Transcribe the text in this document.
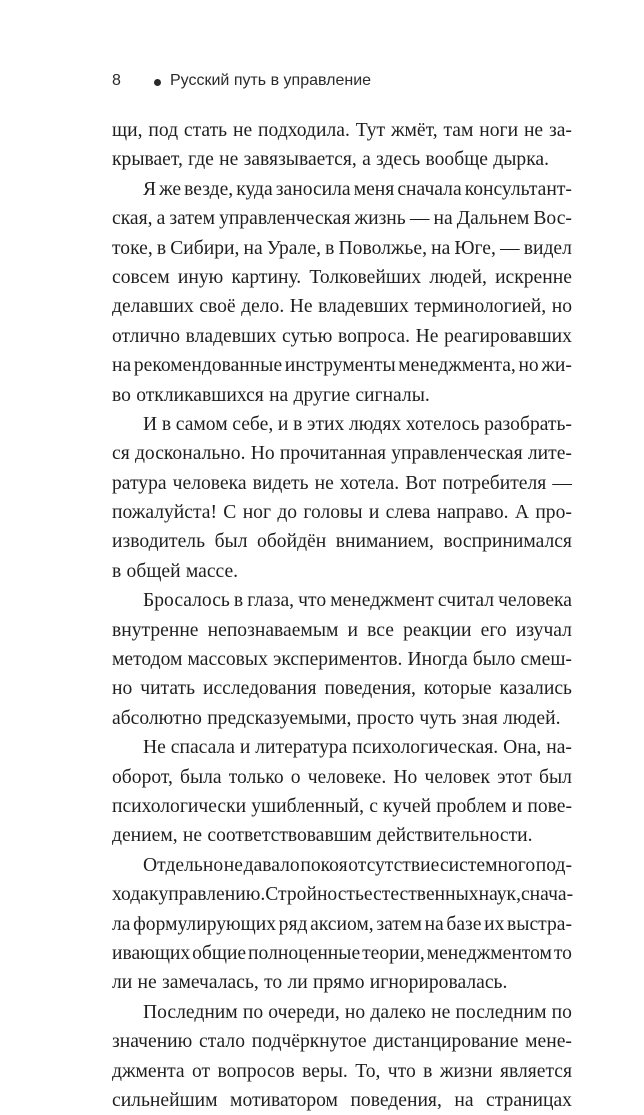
8	Русский путь в управление
щи, под стать не подходила. Тут жмёт, там ноги не за-
крывает, где не завязывается, а здесь вообще дырка.
Я же везде, куда заносила меня сначала консультант-
ская, а затем управленческая жизнь — на Дальнем Вос-
токе, в Сибири, на Урале, в Поволжье, на Юге, — видел
совсем иную картину. Толковейших людей, искренне
делавших своё дело. Не владевших терминологией, но
отлично владевших сутью вопроса. Не реагировавших
на рекомендованные инструменты менеджмента, но жи-
во откликавшихся на другие сигналы.
И в самом себе, и в этих людях хотелось разобрать-
ся досконально. Но прочитанная управленческая лите-
ратура человека видеть не хотела. Вот потребителя —
пожалуйста! С ног до головы и слева направо. А про-
изводитель был обойдён вниманием, воспринимался
в общей массе.
Бросалось в глаза, что менеджмент считал человека
внутренне непознаваемым и все реакции его изучал
методом массовых экспериментов. Иногда было смеш-
но читать исследования поведения, которые казались
абсолютно предсказуемыми, просто чуть зная людей.
Не спасала и литература психологическая. Она, на-
оборот, была только о человеке. Но человек этот был
психологически ушибленный, с кучей проблем и пове-
дением, не соответствовавшим действительности.
Отдельно не давало покоя отсутствие системного под-
хода к управлению. Стройность естественных наук, снача-
ла формулирующих ряд аксиом, затем на базе их выстра-
ивающих общие полноценные теории, менеджментом то
ли не замечалась, то ли прямо игнорировалась.
Последним по очереди, но далеко не последним по
значению стало подчёркнутое дистанцирование мене-
джмента от вопросов веры. То, что в жизни является
сильнейшим мотиватором поведения, на страницах
